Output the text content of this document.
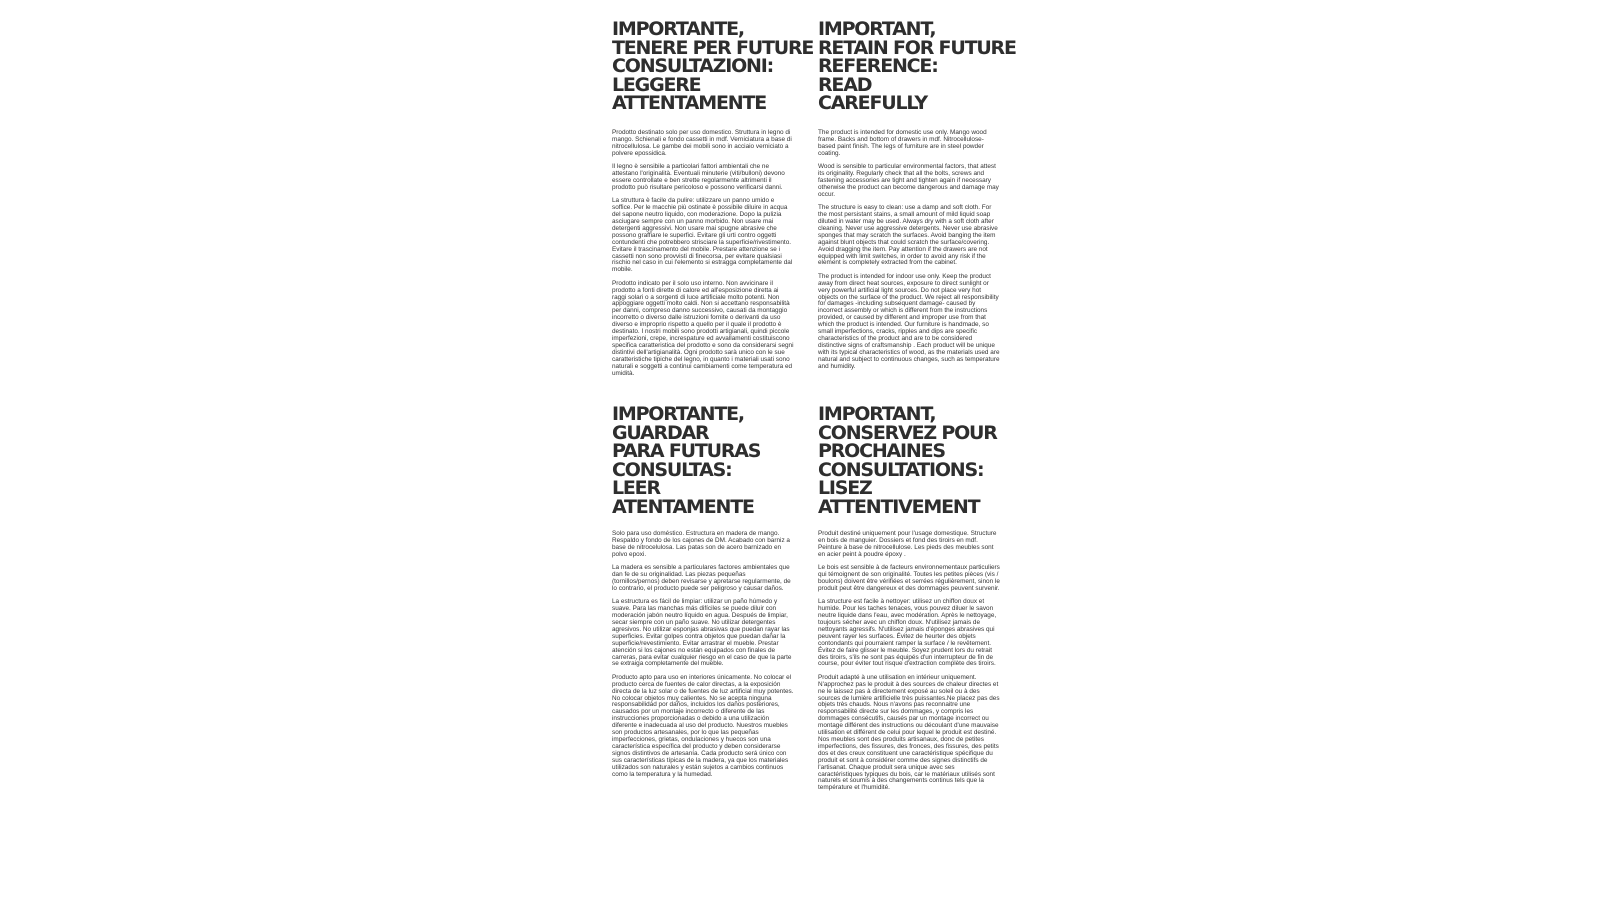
IMPORTANTE,
TENERE PER FUTURE
CONSULTAZIONI:
LEGGERE
ATTENTAMENTE

Prodotto destinato solo per uso domestico. Struttura in legno di mango. Schienali e fondo cassetti in mdf. Verniciatura a base di nitrocellulosa. Le gambe dei mobili sono in acciaio verniciato a polvere epossidica.

Il legno è sensibile a particolari fattori ambientali che ne attestano l'originalità. Eventuali minuterie (viti/bulloni) devono essere controllate e ben strette regolarmente altrimenti il prodotto può risultare pericoloso e possono verificarsi danni.

La struttura è facile da pulire: utilizzare un panno umido e soffice. Per le macchie più ostinate è possibile diluire in acqua del sapone neutro liquido, con moderazione. Dopo la pulizia asciugare sempre con un panno morbido. Non usare mai detergenti aggressivi. Non usare mai spugne abrasive che possono graffiare le superfici. Evitare gli urti contro oggetti contundenti che potrebbero strisciare la superficie/rivestimento. Evitare il trascinamento del mobile. Prestare attenzione se i cassetti non sono provvisti di finecorsa, per evitare qualsiasi rischio nel caso in cui l'elemento si estragga completamente dal mobile.

Prodotto indicato per il solo uso interno. Non avvicinare il prodotto a fonti dirette di calore ed all'esposizione diretta ai raggi solari o a sorgenti di luce artificiale molto potenti. Non appoggiare oggetti molto caldi. Non si accettano responsabilità per danni, compreso danno successivo, causati da montaggio incorretto o diverso dalle istruzioni fornite o derivanti da uso diverso e improprio rispetto a quello per il quale il prodotto è destinato. I nostri mobili sono prodotti artigianali, quindi piccole imperfezioni, crepe, increspature ed avvallamenti costituiscono specifica caratteristica del prodotto e sono da considerarsi segni distintivi dell'artigianalità. Ogni prodotto sarà unico con le sue caratteristiche tipiche del legno, in quanto i materiali usati sono naturali e soggetti a continui cambiamenti come temperatura ed umidità.

IMPORTANT,
RETAIN FOR FUTURE
REFERENCE:
READ
CAREFULLY

The product is intended for domestic use only. Mango wood frame. Backs and bottom of drawers in mdf. Nitrocellulose-based paint finish. The legs of furniture are in steel powder coating.

Wood is sensible to particular environmental factors, that attest its originality. Regularly check that all the bolts, screws and fastening accessories are tight and tighten again if necessary otherwise the product can become dangerous and damage may occur.

The structure is easy to clean: use a damp and soft cloth. For the most persistant stains, a small amount of mild liquid soap diluted in water may be used. Always dry with a soft cloth after cleaning. Never use aggressive detergents. Never use abrasive sponges that may scratch the surfaces. Avoid banging the item against blunt objects that could scratch the surface/covering. Avoid dragging the item. Pay attention if the drawers are not equipped with limit switches, in order to avoid any risk if the element is completely extracted from the cabinet.

The product is intended for indoor use only. Keep the product away from direct heat sources, exposure to direct sunlight or very powerful artificial light sources. Do not place very hot objects on the surface of the product. We reject all responsibility for damages -including subsequent damage- caused by incorrect assembly or which is different from the instructions provided, or caused by different and improper use from that which the product is intended. Our furniture is handmade, so small imperfections, cracks, ripples and dips are specific characteristics of the product and are to be considered distinctive signs of craftsmanship . Each product will be unique with its typical characteristics of wood, as the materials used are natural and subject to continuous changes, such as temperature and humidity.

IMPORTANTE,
GUARDAR
PARA FUTURAS
CONSULTAS:
LEER
ATENTAMENTE

Solo para uso doméstico. Estructura en madera de mango. Respaldo y fondo de los cajones de DM. Acabado con barniz a base de nitrocelulosa. Las patas son de acero barnizado en polvo epoxi.

La madera es sensible a particulares factores ambientales que dan fe de su originalidad. Las piezas pequeñas (tornillos/pernos) deben revisarse y apretarse regularmente, de lo contrario, el producto puede ser peligroso y causar daños.

La estructura es fácil de limpiar: utilizar un paño húmedo y suave. Para las manchas más difíciles se puede diluir con moderación jabón neutro líquido en agua. Después de limpiar, secar siempre con un paño suave. No utilizar detergentes agresivos. No utilizar esponjas abrasivas que puedan rayar las superficies. Evitar golpes contra objetos que puedan dañar la superficie/revestimiento. Evitar arrastrar el mueble. Prestar atención si los cajones no están equipados con finales de carreras, para evitar cualquier riesgo en el caso de que la parte se extraiga completamente del mueble.

Producto apto para uso en interiores únicamente. No colocar el producto cerca de fuentes de calor directas, a la exposición directa de la luz solar o de fuentes de luz artificial muy potentes. No colocar objetos muy calientes. No se acepta ninguna responsabilidad por daños, incluidos los daños posteriores, causados por un montaje incorrecto o diferente de las instrucciones proporcionadas o debido a una utilización diferente e inadecuada al uso del producto. Nuestros muebles son productos artesanales, por lo que las pequeñas imperfecciones, grietas, ondulaciones y huecos son una característica específica del producto y deben considerarse signos distintivos de artesanía. Cada producto será único con sus características típicas de la madera, ya que los materiales utilizados son naturales y están sujetos a cambios continuos como la temperatura y la humedad.

IMPORTANT,
CONSERVEZ POUR
PROCHAINES
CONSULTATIONS:
LISEZ
ATTENTIVEMENT

Produit destiné uniquement pour l'usage domestique. Structure en bois de manguier. Dossiers et fond des tiroirs en mdf. Peinture à base de nitrocellulose. Les pieds des meubles sont en acier peint à poudre époxy .

Le bois est sensible à de facteurs environnementaux particuliers qui témoignent de son originalité. Toutes les petites pièces (vis / boulons) doivent être vérifiées et serrées régulièrement, sinon le produit peut être dangereux et des dommages peuvent survenir.

La structure est facile à nettoyer: utilisez un chiffon doux et humide. Pour les taches tenaces, vous pouvez diluer le savon neutre liquide dans l'eau, avec modération. Après le nettoyage, toujours sécher avec un chiffon doux. N'utilisez jamais de nettoyants agressifs. N'utilisez jamais d'éponges abrasives qui peuvent rayer les surfaces. Évitez de heurter des objets contondants qui pourraient ramper la surface / le revêtement. Évitez de faire glisser le meuble. Soyez prudent lors du retrait des tiroirs, s'ils ne sont pas équipés d'un interrupteur de fin de course, pour éviter tout risque d'extraction complète des tiroirs.

Produit adapté à une utilisation en intérieur uniquement. N'approchez pas le produit à des sources de chaleur directes et ne le laissez pas à directement exposé au soleil ou à des sources de lumière artificielle très puissantes.Ne placez pas des objets très chauds. Nous n'avons pas reconnaitre une responsabilité directe sur les dommages, y compris les dommages consécutifs, causés par un montage incorrect ou montage différent des instructions ou découlant d'une mauvaise utilisation et différent de celui pour lequel le produit est destiné. Nos meubles sont des produits artisanaux, donc de petites imperfections, des fissures, des fronces, des fissures, des petits dos et des creux constituent une caractéristique spécifique du produit et sont à considérer comme des signes distinctifs de l'artisanat. Chaque produit sera unique avec ses caractéristiques typiques du bois, car le matériaux utilisés sont naturels et soumis à des changements continus tels que la température et l'humidité.
